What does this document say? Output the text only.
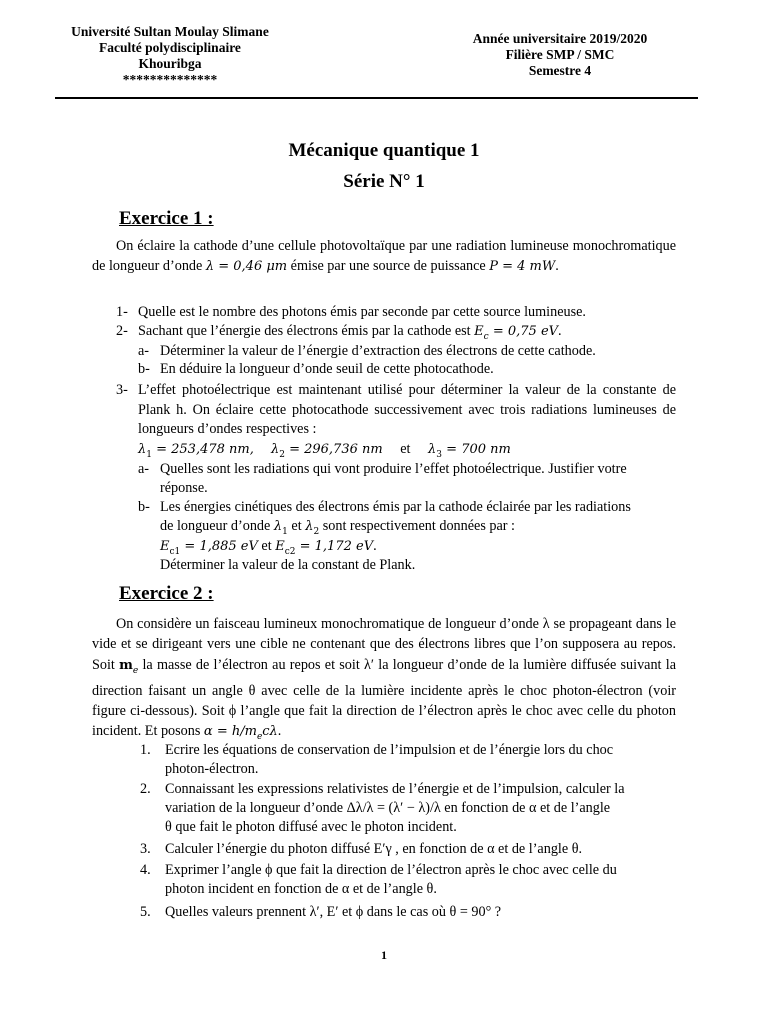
Université Sultan Moulay Slimane
Faculté polydisciplinaire
Khouribga
**************
Année universitaire 2019/2020
Filière SMP / SMC
Semestre 4
Mécanique quantique 1
Série N° 1
Exercice 1 :
On éclaire la cathode d’une cellule photovoltaïque par une radiation lumineuse monochromatique de longueur d’onde λ = 0,46 μm émise par une source de puissance P = 4 mW.
1- Quelle est le nombre des photons émis par seconde par cette source lumineuse.
2- Sachant que l’énergie des électrons émis par la cathode est $E_c = 0,75$ eV.
a- Déterminer la valeur de l’énergie d’extraction des électrons de cette cathode.
b- En déduire la longueur d’onde seuil de cette photocathode.
3- L’effet photoélectrique est maintenant utilisé pour déterminer la valeur de la constante de Plank h. On éclaire cette photocathode successivement avec trois radiations lumineuses de longueurs d’ondes respectives :
$\lambda_1 = 253,478$ nm, $\lambda_2 = 296,736$ nm et $\lambda_3 = 700$ nm
a- Quelles sont les radiations qui vont produire l’effet photoélectrique. Justifier votre
réponse.
b- Les énergies cinétiques des électrons émis par la cathode éclairée par les radiations
de longueur d’onde $\lambda_1$ et $\lambda_2$ sont respectivement données par :
$E_{c1} = 1,885$ eV et $E_{c2} = 1,172$ eV.
Déterminer la valeur de la constant de Plank.
Exercice 2 :
On considère un faisceau lumineux monochromatique de longueur d’onde λ se propageant dans le vide et se dirigeant vers une cible ne contenant que des électrons libres que l’on supposera au repos. Soit $m_e$ la masse de l’électron au repos et soit λ′ la longueur d’onde de la lumière diffusée suivant la direction faisant un angle θ avec celle de la lumière incidente après le choc photon-électron (voir figure ci-dessous). Soit ϕ l’angle que fait la direction de l’électron après le choc avec celle du photon incident. Et posons $\alpha = h/m_ec\lambda$.
1. Ecrire les équations de conservation de l’impulsion et de l’énergie lors du choc
photon-électron.
2. Connaissant les expressions relativistes de l’énergie et de l’impulsion, calculer la
variation de la longueur d’onde Δλ/λ = (λ′ − λ)/λ en fonction de α et de l’angle
θ que fait le photon diffusé avec le photon incident.
3. Calculer l’énergie du photon diffusé E′γ , en fonction de α et de l’angle θ.
4. Exprimer l’angle ϕ que fait la direction de l’électron après le choc avec celle du
photon incident en fonction de α et de l’angle θ.
5. Quelles valeurs prennent λ′, E′ et ϕ dans le cas où θ = 90° ?
1
